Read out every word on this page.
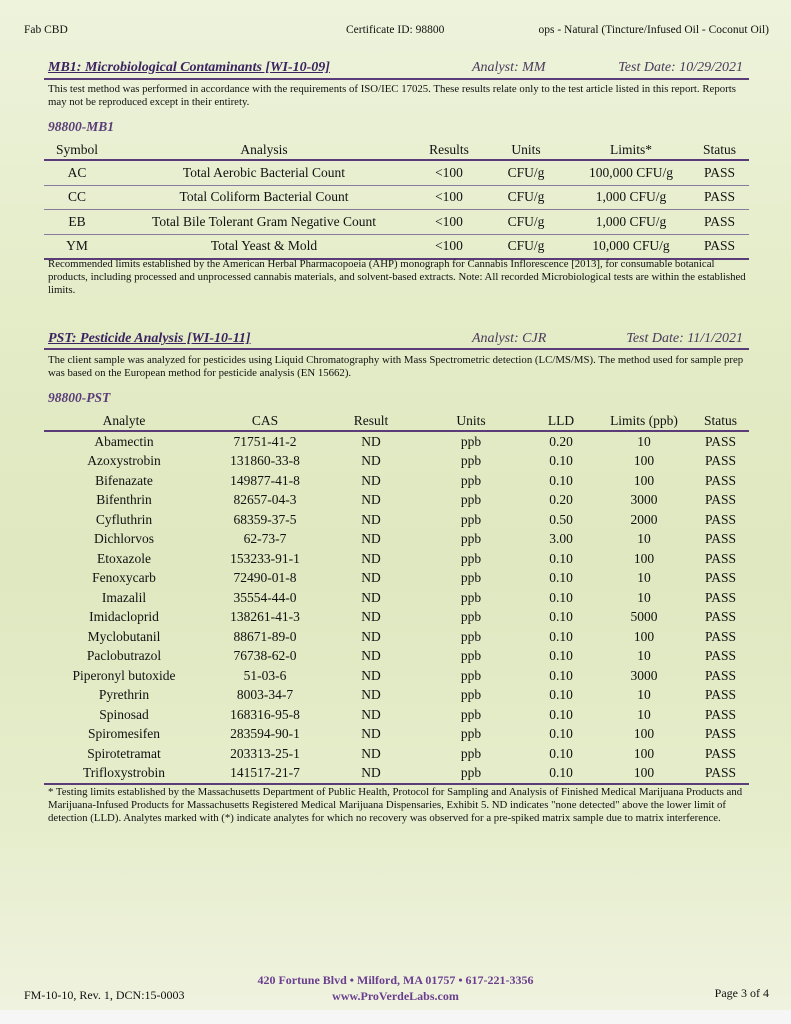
Fab CBD	Certificate ID: 98800	ops - Natural (Tincture/Infused Oil - Coconut Oil)
MB1: Microbiological Contaminants [WI-10-09]	Analyst: MM	Test Date: 10/29/2021
This test method was performed in accordance with the requirements of ISO/IEC 17025. These results relate only to the test article listed in this report. Reports may not be reproduced except in their entirety.
98800-MB1
Symbol	Analysis	Results	Units	Limits*	Status
AC	Total Aerobic Bacterial Count	<100	CFU/g	100,000 CFU/g	PASS
CC	Total Coliform Bacterial Count	<100	CFU/g	1,000 CFU/g	PASS
EB	Total Bile Tolerant Gram Negative Count	<100	CFU/g	1,000 CFU/g	PASS
YM	Total Yeast & Mold	<100	CFU/g	10,000 CFU/g	PASS
Recommended limits established by the American Herbal Pharmacopoeia (AHP) monograph for Cannabis Inflorescence [2013], for consumable botanical products, including processed and unprocessed cannabis materials, and solvent-based extracts. Note: All recorded Microbiological tests are within the established limits.
PST: Pesticide Analysis [WI-10-11]	Analyst: CJR	Test Date: 11/1/2021
The client sample was analyzed for pesticides using Liquid Chromatography with Mass Spectrometric detection (LC/MS/MS). The method used for sample prep was based on the European method for pesticide analysis (EN 15662).
98800-PST
Analyte	CAS	Result	Units	LLD	Limits (ppb)	Status
Abamectin	71751-41-2	ND	ppb	0.20	10	PASS
Azoxystrobin	131860-33-8	ND	ppb	0.10	100	PASS
Bifenazate	149877-41-8	ND	ppb	0.10	100	PASS
Bifenthrin	82657-04-3	ND	ppb	0.20	3000	PASS
Cyfluthrin	68359-37-5	ND	ppb	0.50	2000	PASS
Dichlorvos	62-73-7	ND	ppb	3.00	10	PASS
Etoxazole	153233-91-1	ND	ppb	0.10	100	PASS
Fenoxycarb	72490-01-8	ND	ppb	0.10	10	PASS
Imazalil	35554-44-0	ND	ppb	0.10	10	PASS
Imidacloprid	138261-41-3	ND	ppb	0.10	5000	PASS
Myclobutanil	88671-89-0	ND	ppb	0.10	100	PASS
Paclobutrazol	76738-62-0	ND	ppb	0.10	10	PASS
Piperonyl butoxide	51-03-6	ND	ppb	0.10	3000	PASS
Pyrethrin	8003-34-7	ND	ppb	0.10	10	PASS
Spinosad	168316-95-8	ND	ppb	0.10	10	PASS
Spiromesifen	283594-90-1	ND	ppb	0.10	100	PASS
Spirotetramat	203313-25-1	ND	ppb	0.10	100	PASS
Trifloxystrobin	141517-21-7	ND	ppb	0.10	100	PASS
* Testing limits established by the Massachusetts Department of Public Health, Protocol for Sampling and Analysis of Finished Medical Marijuana Products and Marijuana-Infused Products for Massachusetts Registered Medical Marijuana Dispensaries, Exhibit 5. ND indicates "none detected" above the lower limit of detection (LLD). Analytes marked with (*) indicate analytes for which no recovery was observed for a pre-spiked matrix sample due to matrix interference.
420 Fortune Blvd • Milford, MA 01757 • 617-221-3356
www.ProVerdeLabs.com
FM-10-10, Rev. 1, DCN:15-0003	Page 3 of 4
